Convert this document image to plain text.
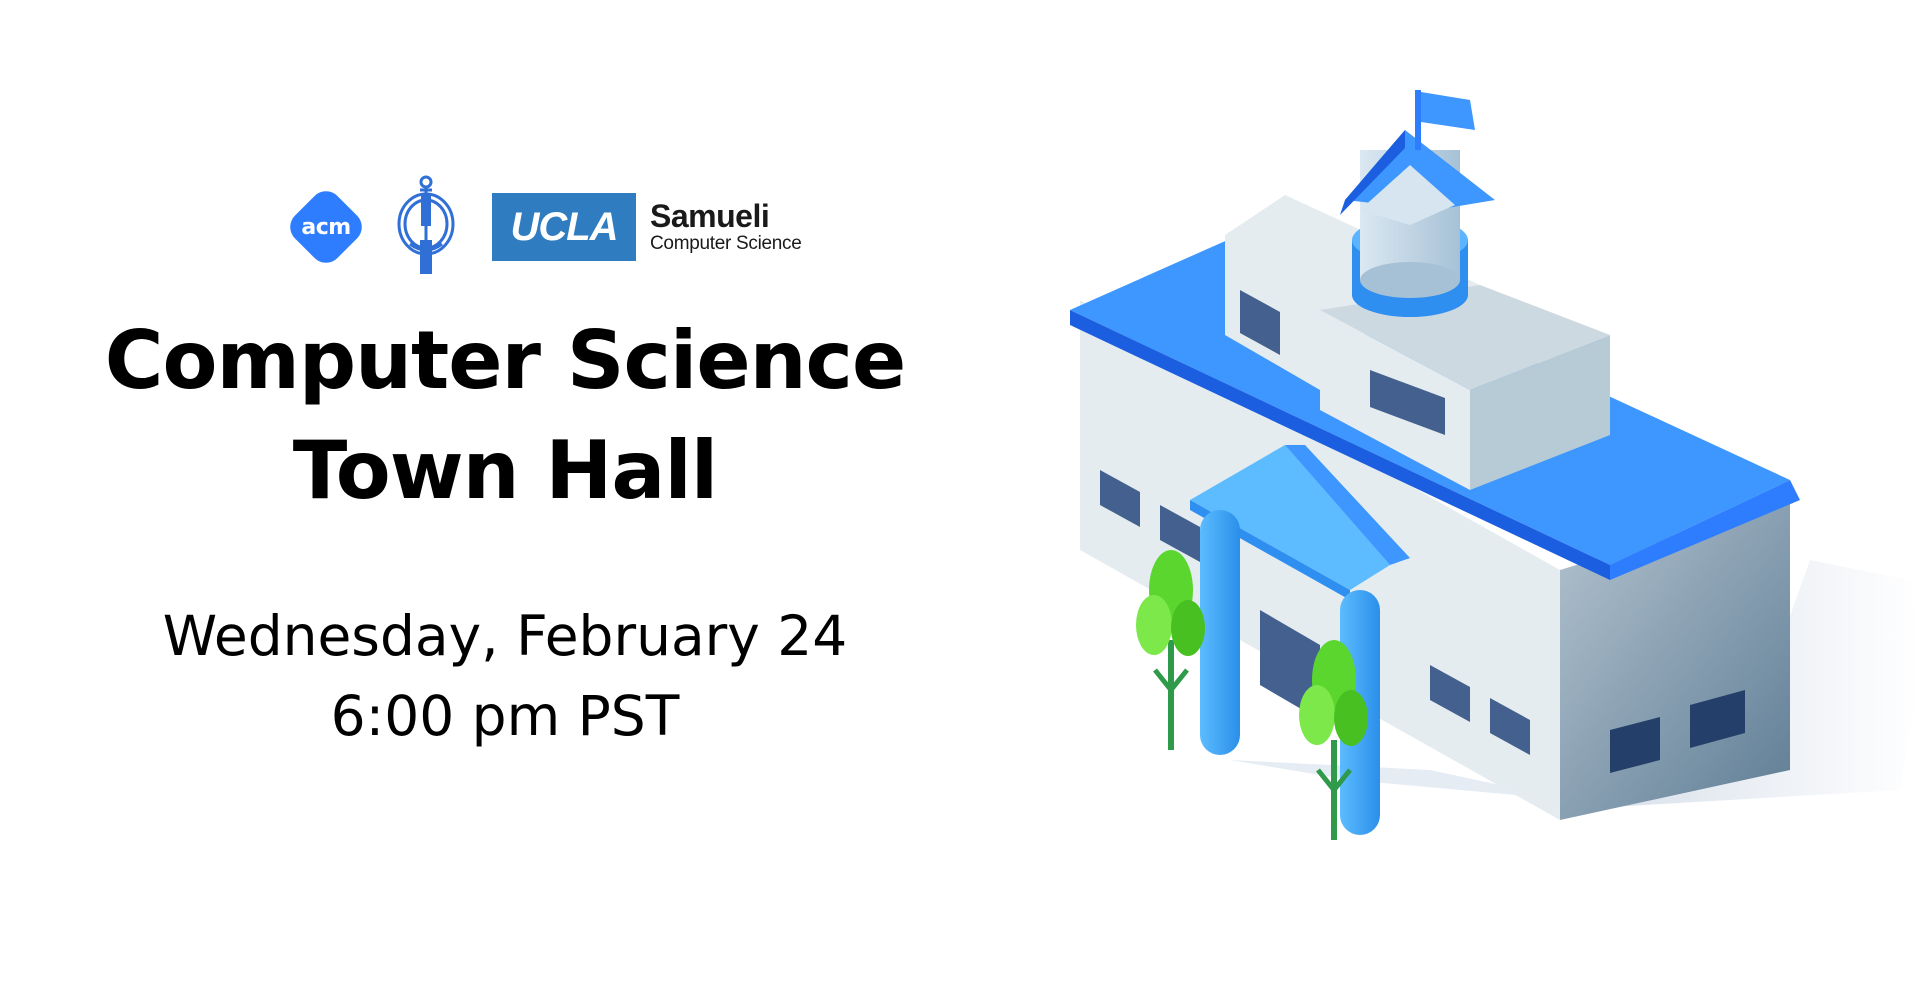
acm	UCLA	Samueli
Computer Science
Computer Science
Town Hall
Wednesday, February 24
6:00 pm PST
